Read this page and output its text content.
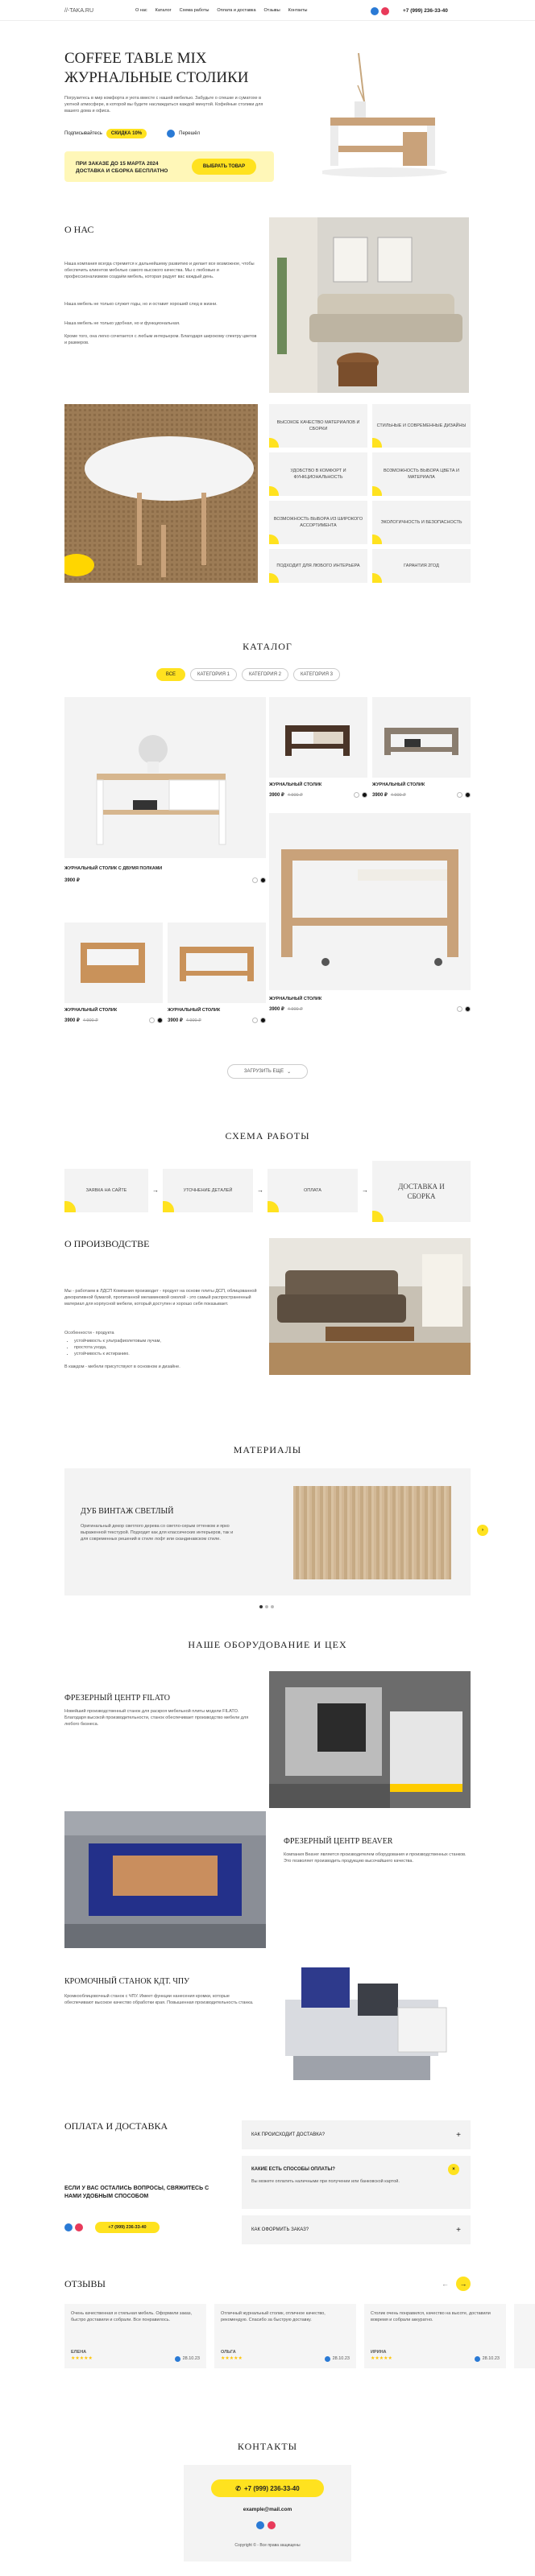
//-TAKA.RU	О нас Каталог Схема работы Оплата и доставка Отзывы Контакты	+7 (999) 236-33-40
COFFEE TABLE MIX
ЖУРНАЛЬНЫЕ СТОЛИКИ
Погрузитесь в мир комфорта и уюта вместе с нашей мебелью. Забудьте о спешке и суматохе в уютной атмосфере, в которой вы будете наслаждаться каждой минутой. Кофейные столики для вашего дома и офиса.
Подписывайтесь	СКИДКА 10%	Перешёл
ПРИ ЗАКАЗЕ ДО 15 МАРТА 2024 ДОСТАВКА И СБОРКА БЕСПЛАТНО
ВЫБРАТЬ ТОВАР
О НАС
Наша компания всегда стремится к дальнейшему развитию и делает все возможное, чтобы обеспечить клиентов мебелью самого высокого качества. Мы с любовью и профессионализмом создаём мебель, которая радует вас каждый день.
Наша мебель не только служит годы, но и оставит хороший след в жизни.
Наша мебель не только удобная, но и функциональная.
Кроме того, она легко сочетается с любым интерьером. Благодаря широкому спектру цветов и размеров.
ВЫСОКОЕ КАЧЕСТВО МАТЕРИАЛОВ И СБОРКИ
СТИЛЬНЫЕ И СОВРЕМЕННЫЕ ДИЗАЙНЫ
УДОБСТВО В КОМФОРТ И ФУНКЦИОНАЛЬНОСТЬ
ВОЗМОЖНОСТЬ ВЫБОРА ЦВЕТА И МАТЕРИАЛА
ВОЗМОЖНОСТЬ ВЫБОРА ИЗ ШИРОКОГО АССОРТИМЕНТА
ЭКОЛОГИЧНОСТЬ И БЕЗОПАСНОСТЬ
ПОДХОДИТ ДЛЯ ЛЮБОГО ИНТЕРЬЕРА	ГАРАНТИЯ 2ГОД
КАТАЛОГ
ВСЕ	КАТЕГОРИЯ 1	КАТЕГОРИЯ 2	КАТЕГОРИЯ 3
ЖУРНАЛЬНЫЙ СТОЛИК С ДВУМЯ ПОЛКАМИ
3900 ₽
ЖУРНАЛЬНЫЙ СТОЛИК
3900 ₽ 4 900 ₽
ЖУРНАЛЬНЫЙ СТОЛИК
3900 ₽ 4 900 ₽
ЖУРНАЛЬНЫЙ СТОЛИК
3900 ₽ 4 900 ₽
ЖУРНАЛЬНЫЙ СТОЛИК
3900 ₽ 4 900 ₽
ЖУРНАЛЬНЫЙ СТОЛИК
3900 ₽ 4 900 ₽
ЗАГРУЗИТЬ ЕЩЕ ⌄
СХЕМА РАБОТЫ
ЗАЯВКА НА САЙТЕ	→	УТОЧНЕНИЕ ДЕТАЛЕЙ	→	ОПЛАТА	→	ДОСТАВКА И СБОРКА
О ПРОИЗВОДСТВЕ
Мы - работаем в ЛДСП Компания производит - продукт на основе плиты ДСП, облицованной декоративной бумагой, пропитанной меламиновой смолой - это самый распространенный материал для корпусной мебели, который доступен и хорошо себя показывает.
Особенности - продукта
• устойчивость к ультрафиолетовым лучам,
• простота ухода,
• устойчивость к истиранию.
В каждом - мебели присутствуют в основном и дизайне.
МАТЕРИАЛЫ
ДУБ ВИНТАЖ СВЕТЛЫЙ
Оригинальный декор светлого дерева со светло-серым оттенком и ярко выраженной текстурой. Подходит как для классических интерьеров, так и для современных решений в стиле лофт или скандинавском стиле.
›
НАШЕ ОБОРУДОВАНИЕ И ЦЕХ
ФРЕЗЕРНЫЙ ЦЕНТР FILATO
Новейший производственный станок для раскроя мебельной плиты модели FILATO. Благодаря высокой производительности, станок обеспечивает производство мебели для любого бизнеса.
ФРЕЗЕРНЫЙ ЦЕНТР BEAVER
Компания Beaver является производителем оборудования и производственных станков. Это позволяет производить продукцию высочайшего качества.
КРОМОЧНЫЙ СТАНОК КДТ. ЧПУ
Кромкооблицовочный станок с ЧПУ. Имеет функции нанесения кромки, которые обеспечивают высокое качество обработки края. Повышенная производительность станка.
ОПЛАТА И ДОСТАВКА
ЕСЛИ У ВАС ОСТАЛИСЬ ВОПРОСЫ, СВЯЖИТЕСЬ С НАМИ УДОБНЫМ СПОСОБОМ
+7 (999) 236-33-40
КАК ПРОИСХОДИТ ДОСТАВКА?	+
КАКИЕ ЕСТЬ СПОСОБЫ ОПЛАТЫ?
Вы можете оплатить наличными при получении или банковской картой.
×
КАК ОФОРМИТЬ ЗАКАЗ?	+
ОТЗЫВЫ	←	→
Очень качественная и стильная мебель. Оформили заказ, быстро доставили и собрали. Все понравилось.
ЕЛЕНА
★★★★★	28.10.23
Отличный журнальный столик, отличное качество, рекомендую. Спасибо за быструю доставку.
ОЛЬГА
★★★★★	28.10.23
Столик очень понравился, качество на высоте, доставили вовремя и собрали аккуратно.
ИРИНА
★★★★★	28.10.23
КОНТАКТЫ
✆ +7 (999) 236-33-40
example@mail.com
Copyright © - Все права защищены
